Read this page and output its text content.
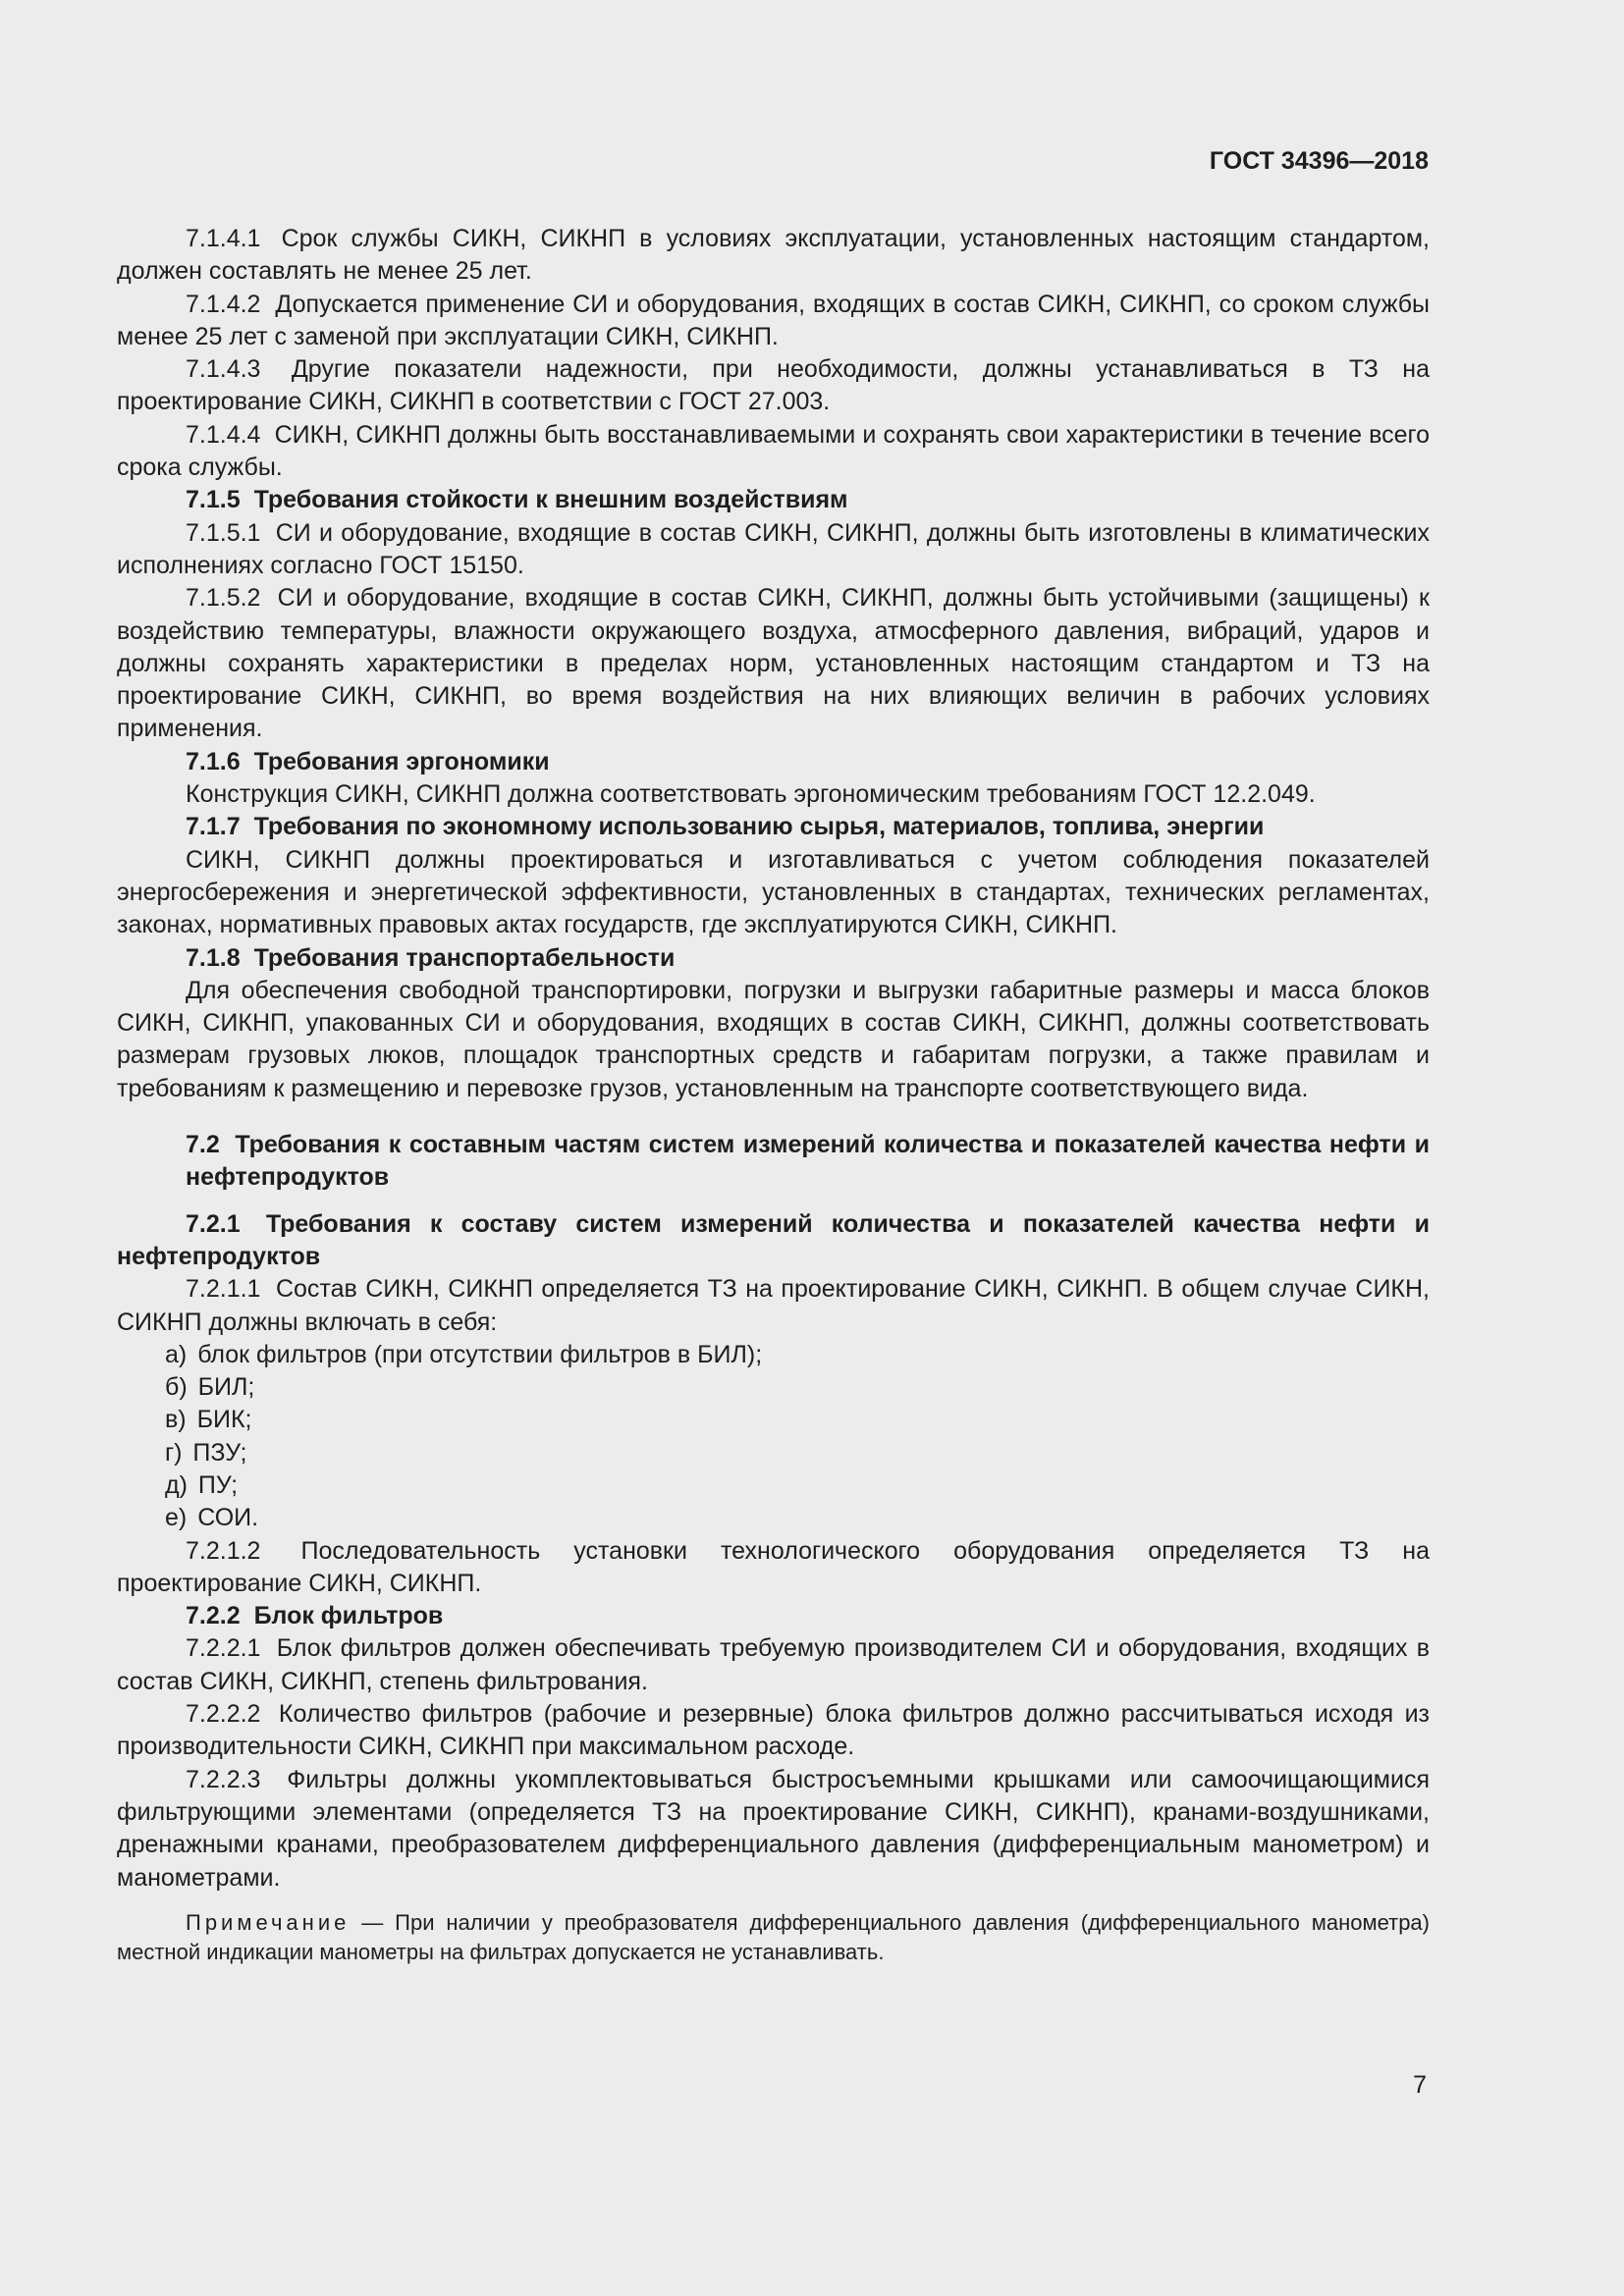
ГОСТ 34396—2018

7.1.4.1 Срок службы СИКН, СИКНП в условиях эксплуатации, установленных настоящим стандартом, должен составлять не менее 25 лет.

7.1.4.2 Допускается применение СИ и оборудования, входящих в состав СИКН, СИКНП, со сроком службы менее 25 лет с заменой при эксплуатации СИКН, СИКНП.

7.1.4.3 Другие показатели надежности, при необходимости, должны устанавливаться в ТЗ на проектирование СИКН, СИКНП в соответствии с ГОСТ 27.003.

7.1.4.4 СИКН, СИКНП должны быть восстанавливаемыми и сохранять свои характеристики в течение всего срока службы.

7.1.5 Требования стойкости к внешним воздействиям

7.1.5.1 СИ и оборудование, входящие в состав СИКН, СИКНП, должны быть изготовлены в климатических исполнениях согласно ГОСТ 15150.

7.1.5.2 СИ и оборудование, входящие в состав СИКН, СИКНП, должны быть устойчивыми (защищены) к воздействию температуры, влажности окружающего воздуха, атмосферного давления, вибраций, ударов и должны сохранять характеристики в пределах норм, установленных настоящим стандартом и ТЗ на проектирование СИКН, СИКНП, во время воздействия на них влияющих величин в рабочих условиях применения.

7.1.6 Требования эргономики

Конструкция СИКН, СИКНП должна соответствовать эргономическим требованиям ГОСТ 12.2.049.

7.1.7 Требования по экономному использованию сырья, материалов, топлива, энергии

СИКН, СИКНП должны проектироваться и изготавливаться с учетом соблюдения показателей энергосбережения и энергетической эффективности, установленных в стандартах, технических регламентах, законах, нормативных правовых актах государств, где эксплуатируются СИКН, СИКНП.

7.1.8 Требования транспортабельности

Для обеспечения свободной транспортировки, погрузки и выгрузки габаритные размеры и масса блоков СИКН, СИКНП, упакованных СИ и оборудования, входящих в состав СИКН, СИКНП, должны соответствовать размерам грузовых люков, площадок транспортных средств и габаритам погрузки, а также правилам и требованиям к размещению и перевозке грузов, установленным на транспорте соответствующего вида.

7.2 Требования к составным частям систем измерений количества и показателей качества нефти и нефтепродуктов

7.2.1 Требования к составу систем измерений количества и показателей качества нефти и нефтепродуктов

7.2.1.1 Состав СИКН, СИКНП определяется ТЗ на проектирование СИКН, СИКНП. В общем случае СИКН, СИКНП должны включать в себя:

а) блок фильтров (при отсутствии фильтров в БИЛ);

б) БИЛ;

в) БИК;

г) ПЗУ;

д) ПУ;

е) СОИ.

7.2.1.2 Последовательность установки технологического оборудования определяется ТЗ на проектирование СИКН, СИКНП.

7.2.2 Блок фильтров

7.2.2.1 Блок фильтров должен обеспечивать требуемую производителем СИ и оборудования, входящих в состав СИКН, СИКНП, степень фильтрования.

7.2.2.2 Количество фильтров (рабочие и резервные) блока фильтров должно рассчитываться исходя из производительности СИКН, СИКНП при максимальном расходе.

7.2.2.3 Фильтры должны укомплектовываться быстросъемными крышками или самоочищающимися фильтрующими элементами (определяется ТЗ на проектирование СИКН, СИКНП), кранами-воздушниками, дренажными кранами, преобразователем дифференциального давления (дифференциальным манометром) и манометрами.

Примечание — При наличии у преобразователя дифференциального давления (дифференциального манометра) местной индикации манометры на фильтрах допускается не устанавливать.

7
